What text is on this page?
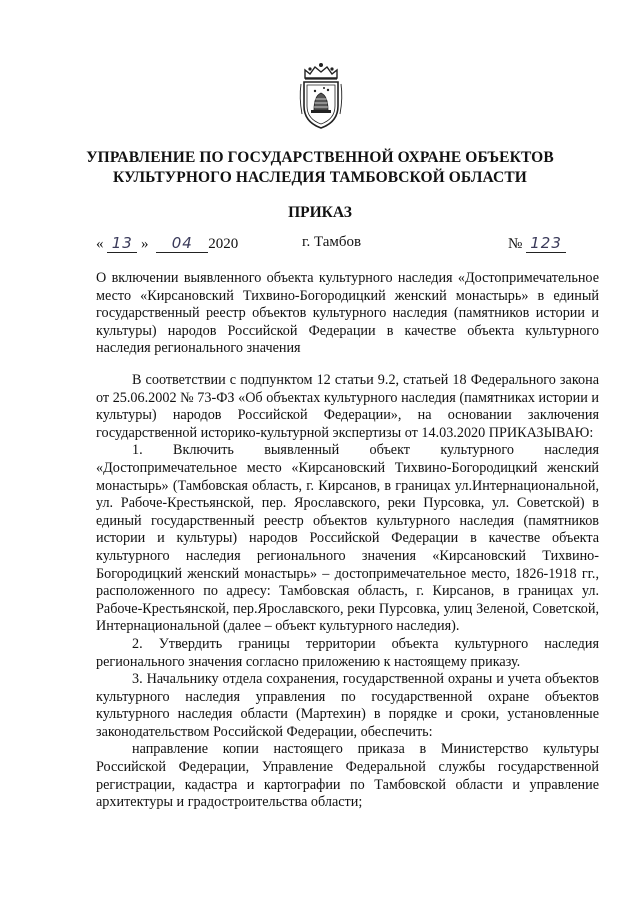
УПРАВЛЕНИЕ ПО ГОСУДАРСТВЕННОЙ ОХРАНЕ ОБЪЕКТОВ
КУЛЬТУРНОГО НАСЛЕДИЯ ТАМБОВСКОЙ ОБЛАСТИ
ПРИКАЗ
« 13 » 04 2020	г. Тамбов	№ 123

О включении выявленного объекта культурного наследия «Достопримечательное место «Кирсановский Тихвино-Богородицкий женский монастырь» в единый государственный реестр объектов культурного наследия (памятников истории и культуры) народов Российской Федерации в качестве объекта культурного наследия регионального значения

В соответствии с подпунктом 12 статьи 9.2, статьей 18 Федерального закона от 25.06.2002 № 73-ФЗ «Об объектах культурного наследия (памятниках истории и культуры) народов Российской Федерации», на основании заключения государственной историко-культурной экспертизы от 14.03.2020 ПРИКАЗЫВАЮ:

1. Включить выявленный объект культурного наследия «Достопримечательное место «Кирсановский Тихвино-Богородицкий женский монастырь» (Тамбовская область, г. Кирсанов, в границах ул.Интернациональной, ул. Рабоче-Крестьянской, пер. Ярославского, реки Пурсовка, ул. Советской) в единый государственный реестр объектов культурного наследия (памятников истории и культуры) народов Российской Федерации в качестве объекта культурного наследия регионального значения «Кирсановский Тихвино-Богородицкий женский монастырь» – достопримечательное место, 1826-1918 гг., расположенного по адресу: Тамбовская область, г. Кирсанов, в границах ул. Рабоче-Крестьянской, пер.Ярославского, реки Пурсовка, улиц Зеленой, Советской, Интернациональной (далее – объект культурного наследия).

2. Утвердить границы территории объекта культурного наследия регионального значения согласно приложению к настоящему приказу.

3. Начальнику отдела сохранения, государственной охраны и учета объектов культурного наследия управления по государственной охране объектов культурного наследия области (Мартехин) в порядке и сроки, установленные законодательством Российской Федерации, обеспечить:

направление копии настоящего приказа в Министерство культуры Российской Федерации, Управление Федеральной службы государственной регистрации, кадастра и картографии по Тамбовской области и управление архитектуры и градостроительства области;
